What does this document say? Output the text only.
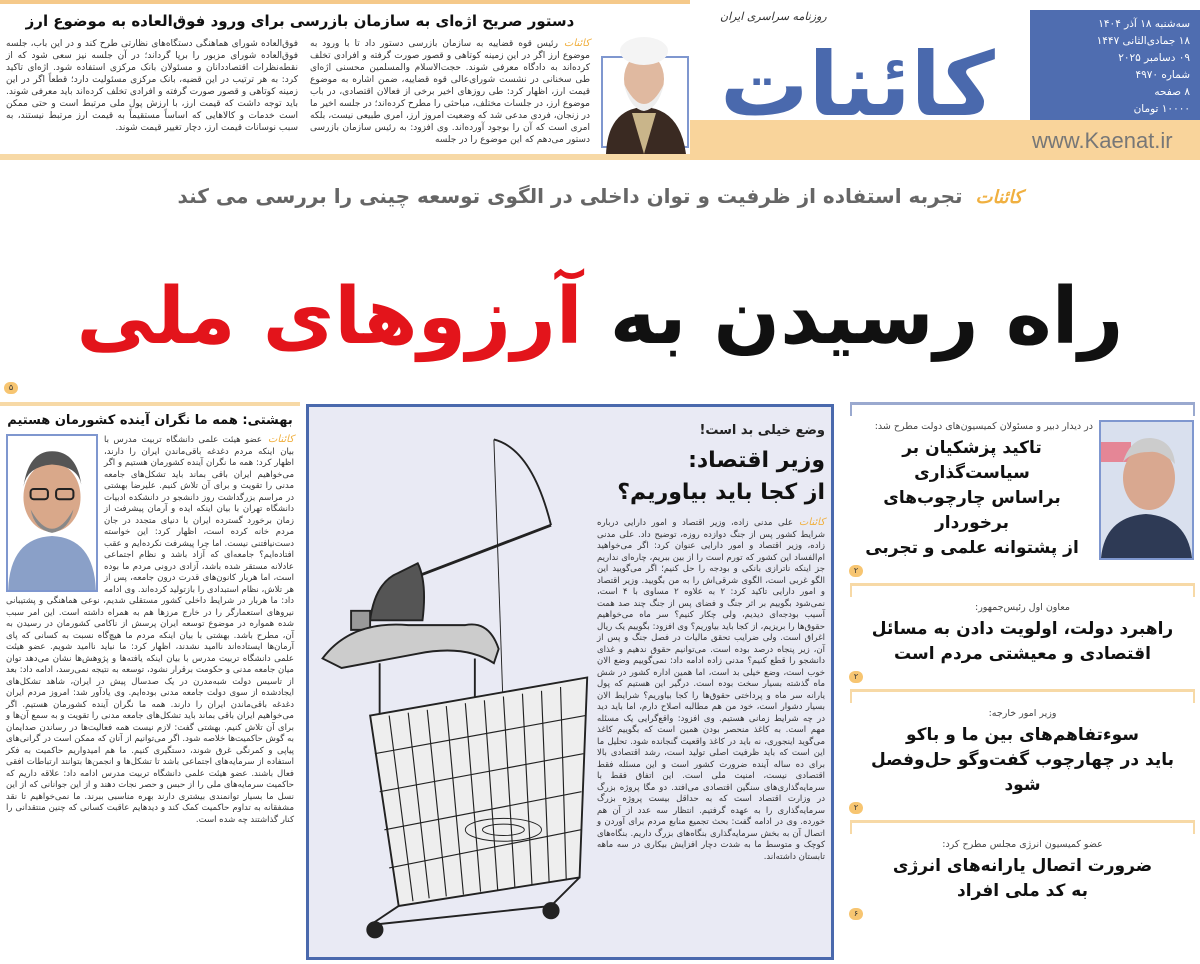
دستور صریح اژه‌ای به سازمان بازرسی برای ورود فوق‌العاده به موضوع ارز
کائناترئیس قوه قضاییه به سازمان بازرسی دستور داد تا با ورود به موضوع ارز اگر در این زمینه کوتاهی و قصور صورت گرفته و افرادی تخلف کرده‌اند به دادگاه معرفی شوند. حجت‌الاسلام والمسلمین محسنی اژه‌ای طی سخنانی در نشست شورای‌عالی قوه قضاییه، ضمن اشاره به موضوع قیمت ارز، اظهار کرد: طی روزهای اخیر برخی از فعالان اقتصادی، در باب موضوع ارز، در جلسات مختلف، مباحثی را مطرح کرده‌اند؛ در جلسه اخیر ما در زنجان، فردی مدعی شد که وضعیت امروز ارز، امری طبیعی نیست، بلکه امری است که آن را بوجود آورده‌اند. وی افزود: به رئیس سازمان بازرسی دستور می‌دهم که این موضوع را در جلسه
فوق‌العاده شورای هماهنگی دستگاه‌های نظارتی طرح کند و در این باب، جلسه فوق‌العاده شورای مزبور را برپا گرداند؛ در آن جلسه نیز سعی شود که از نقطه‌نظرات اقتصاددانان و مسئولان بانک مرکزی استفاده شود. اژه‌ای تاکید کرد: به هر ترتیب در این قضیه، بانک مرکزی مسئولیت دارد؛ قطعاً اگر در این زمینه کوتاهی و قصور صورت گرفته و افرادی تخلف کرده‌اند باید معرفی شوند. باید توجه داشت که قیمت ارز، با ارزش پول ملی مرتبط است و حتی ممکن است خدمات و کالاهایی که اساساً مستقیماً به قیمت ارز مرتبط نیستند، به سبب نوسانات قیمت ارز، دچار تغییر قیمت شوند.	کائنات
روزنامه سراسری ایران
www.Kaenat.ir
سه‌شنبه ۱۸ آذر ۱۴۰۴
۱۸ جمادی‌الثانی ۱۴۴۷
۰۹ دسامبر ۲۰۲۵
شماره ۴۹۷۰
۸ صفحه
۱۰۰۰۰ تومان
کائنات تجربه استفاده از ظرفیت و توان داخلی در الگوی توسعه چینی را بررسی می کند
راه رسیدن به آرزوهای ملی
۵
بهشتی: همه ما نگران آینده کشورمان هستیم
کائناتعضو هیئت علمی دانشگاه تربیت مدرس با بیان اینکه مردم دغدغه باقی‌ماندن ایران را دارند، اظهار کرد: همه ما نگران آینده کشورمان هستیم و اگر می‌خواهیم ایران باقی بماند باید تشکل‌های جامعه مدنی را تقویت و برای آن تلاش کنیم. علیرضا بهشتی در مراسم بزرگداشت روز دانشجو در دانشکده ادبیات دانشگاه تهران با بیان اینکه ایده و آرمان پیشرفت از زمان برخورد گسترده ایران با دنیای متجدد در جان مردم خانه کرده است، اظهار کرد: این خواسته دست‌نیافتنی نیست. اما چرا پیشرفت نکرده‌ایم و عقب افتاده‌ایم؟ جامعه‌ای که آزاد باشد و نظام اجتماعی عادلانه مستقر شده باشد، آزادی درونی مردم ما بوده است، اما هربار کانون‌های قدرت درون جامعه، پس از هر تلاش، نظام استبدادی را بازتولید کرده‌اند. وی ادامه داد: ما هربار در شرایط داخلی کشور مستقلی شدیم، نوعی هماهنگی و پشتیبانی نیروهای استعمارگر را در خارج مرزها هم به همراه داشته است. این امر سبب شده همواره در موضوع توسعه ایران پرسش از ناکامی کشورمان در رسیدن به آن، مطرح باشد. بهشتی با بیان اینکه مردم ما هیچ‌گاه نسبت به کسانی که پای آرمان‌ها ایستاده‌اند ناامید نشدند، اظهار کرد: ما نباید ناامید شویم. عضو هیئت علمی دانشگاه تربیت مدرس با بیان اینکه یافته‌ها و پژوهش‌ها نشان می‌دهد توان میان جامعه مدنی و حکومت برقرار نشود، توسعه به نتیجه نمی‌رسد، ادامه داد: بعد از تاسیس دولت شبه‌مدرن در یک صدسال پیش در ایران، شاهد تشکل‌های ایجادشده از سوی دولت جامعه مدنی بوده‌ایم. وی یادآور شد: امروز مردم ایران دغدغه باقی‌ماندن ایران را دارند. همه ما نگران آینده کشورمان هستیم. اگر می‌خواهیم ایران باقی بماند باید تشکل‌های جامعه مدنی را تقویت و به سمع آن‌ها و برای آن تلاش کنیم. بهشتی گفت: لازم نیست همه فعالیت‌ها در رساندن صدایمان به گوش حاکمیت‌ها خلاصه شود. اگر می‌توانیم از آنان که ممکن است در گرانی‌های پیاپی و کمرنگی غرق شوند، دستگیری کنیم. ما هم امیدواریم حاکمیت به فکر استفاده از سرمایه‌های اجتماعی باشد تا تشکل‌ها و انجمن‌ها بتوانند ارتباطات افقی فعال باشند. عضو هیئت علمی دانشگاه تربیت مدرس ادامه داد: علاقه داریم که حاکمیت سرمایه‌های ملی را از حبس و حصر نجات دهند و از این جوانانی که از این نسل ما بسیار توانمندی بیشتری دارند بهره مناسبی ببرند. ما نمی‌خواهیم تا نقد مشفقانه به تداوم حاکمیت کمک کند و دیدهایم عاقبت کسانی که چنین منتقدانی را کنار گذاشتند چه شده است.
وضع خیلی بد است!
وزیر اقتصاد:
از کجا باید بیاوریم؟
کائناتعلی مدنی زاده، وزیر اقتصاد و امور دارایی درباره شرایط کشور پس از جنگ دوازده روزه، توضیح داد. علی مدنی زاده، وزیر اقتصاد و امور دارایی عنوان کرد: اگر می‌خواهید ام‌الفساد این کشور که تورم است را از بین ببریم، چاره‌ای نداریم جز اینکه ناترازی بانکی و بودجه را حل کنیم؛ اگر می‌گویید این الگو غربی است، الگوی شرقی‌اش را به من بگویید. وزیر اقتصاد و امور دارایی تاکید کرد: ۲ به علاوه ۲ مساوی با ۴ است، نمی‌شود بگوییم بر اثر جنگ و فضای پس از جنگ چند صد همت آسیب بودجه‌ای دیدیم، ولی چکار کنیم؟ سر ماه می‌خواهیم حقوق‌ها را بریزیم، از کجا باید بیاوریم؟ وی افزود: بگوییم یک ریال اغراق است. ولی ضرایب تحقق مالیات در فصل جنگ و پس از آن، زیر پنجاه درصد بوده است. می‌توانیم حقوق ندهیم و غذای دانشجو را قطع کنیم؟ مدنی زاده ادامه داد: نمی‌گوییم وضع الان خوب است، وضع خیلی بد است، اما همین اداره کشور در شش ماه گذشته بسیار سخت بوده است. درگیر این هستیم که پول یارانه سر ماه و پرداختی حقوق‌ها را کجا بیاوریم؟ شرایط الان بسیار دشوار است، خود من هم مطالبه اصلاح دارم، اما باید دید در چه شرایط زمانی هستیم. وی افزود: واقع‌گرایی یک مسئله مهم است. به کاغذ منحصر بودن همین است که بگوییم کاغذ می‌گوید اینجوری، نه باید در کاغذ واقعیت گنجانده شود. تحلیل ما این است که باید ظرفیت اصلی تولید است، رشد اقتصادی بالا برای ده ساله آینده ضرورت کشور است و این مسئله فقط اقتصادی نیست، امنیت ملی است. این اتفاق فقط با سرمایه‌گذاری‌های سنگین اقتصادی می‌افتد. دو مگا پروژه بزرگ در وزارت اقتصاد است که به حداقل بیست پروژه بزرگ سرمایه‌گذاری را به عهده گرفتیم. انتظار سه عدد از آن هم خورده. وی در ادامه گفت: بحث تجمیع منابع مردم برای آوردن و اتصال آن به بخش سرمایه‌گذاری بنگاه‌های بزرگ داریم. بنگاه‌های کوچک و متوسط ما به شدت دچار افزایش بیکاری در سه ماهه تابستان داشته‌اند.
در دیدار دبیر و مسئولان کمیسیون‌های دولت مطرح شد:
تاکید پزشکیان بر سیاست‌گذاری
براساس چارچوب‌های برخوردار
از پشتوانه علمی و تجربی
۲
معاون اول رئیس‌جمهور:
راهبرد دولت، اولویت دادن به مسائل
اقتصادی و معیشتی مردم است
۲
وزیر امور خارجه:
سوءتفاهم‌های بین ما و باکو
باید در چهارچوب گفت‌وگو حل‌وفصل شود
۲
عضو کمیسیون انرژی مجلس مطرح کرد:
ضرورت اتصال یارانه‌های انرژی
به کد ملی افراد
۶
